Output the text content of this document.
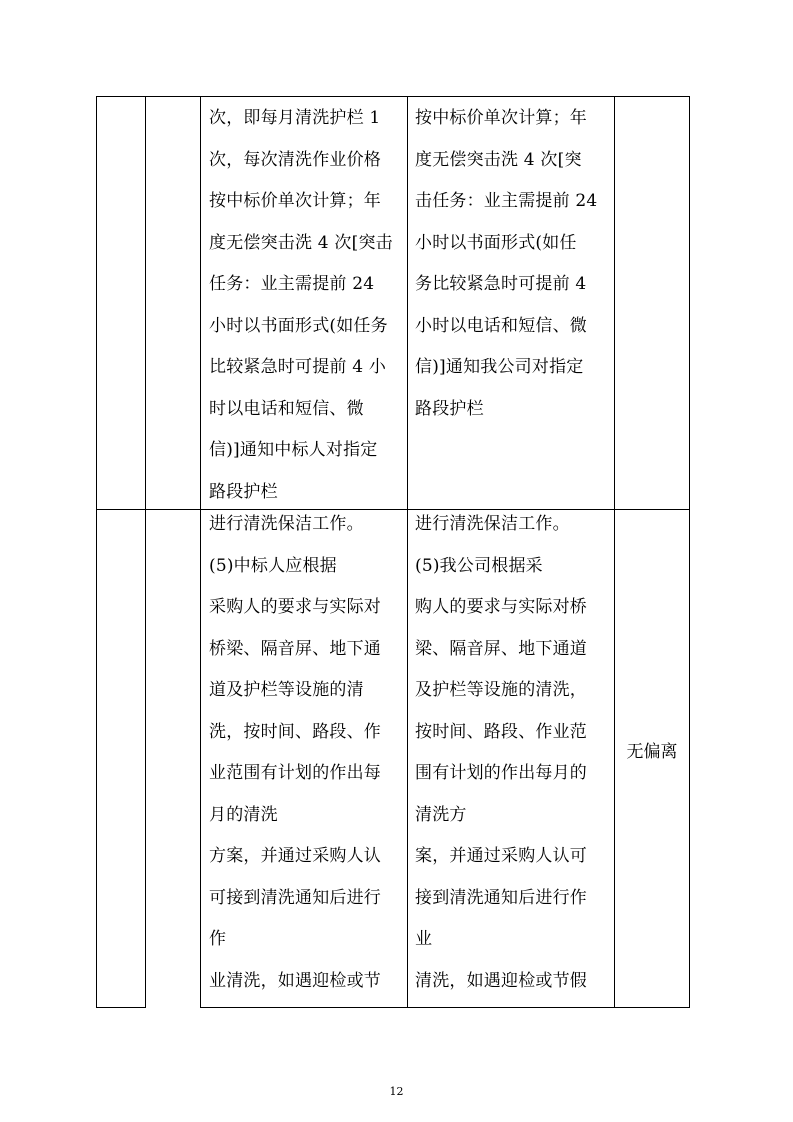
次，即每月清洗护栏 1
次，每次清洗作业价格
按中标价单次计算；年
度无偿突击洗 4 次[突击
任务：业主需提前 24
小时以书面形式(如任务
比较紧急时可提前 4 小
时以电话和短信、微
信)]通知中标人对指定
路段护栏
按中标价单次计算；年
度无偿突击洗 4 次[突
击任务：业主需提前 24
小时以书面形式(如任
务比较紧急时可提前 4
小时以电话和短信、微
信)]通知我公司对指定
路段护栏
进行清洗保洁工作。
(5)中标人应根据
采购人的要求与实际对
桥梁、隔音屏、地下通
道及护栏等设施的清
洗，按时间、路段、作
业范围有计划的作出每
月的清洗
方案，并通过采购人认
可接到清洗通知后进行
作
业清洗，如遇迎检或节
进行清洗保洁工作。
(5)我公司根据采
购人的要求与实际对桥
梁、隔音屏、地下通道
及护栏等设施的清洗，
按时间、路段、作业范
围有计划的作出每月的
清洗方
案，并通过采购人认可
接到清洗通知后进行作
业
清洗，如遇迎检或节假
无偏离
12
